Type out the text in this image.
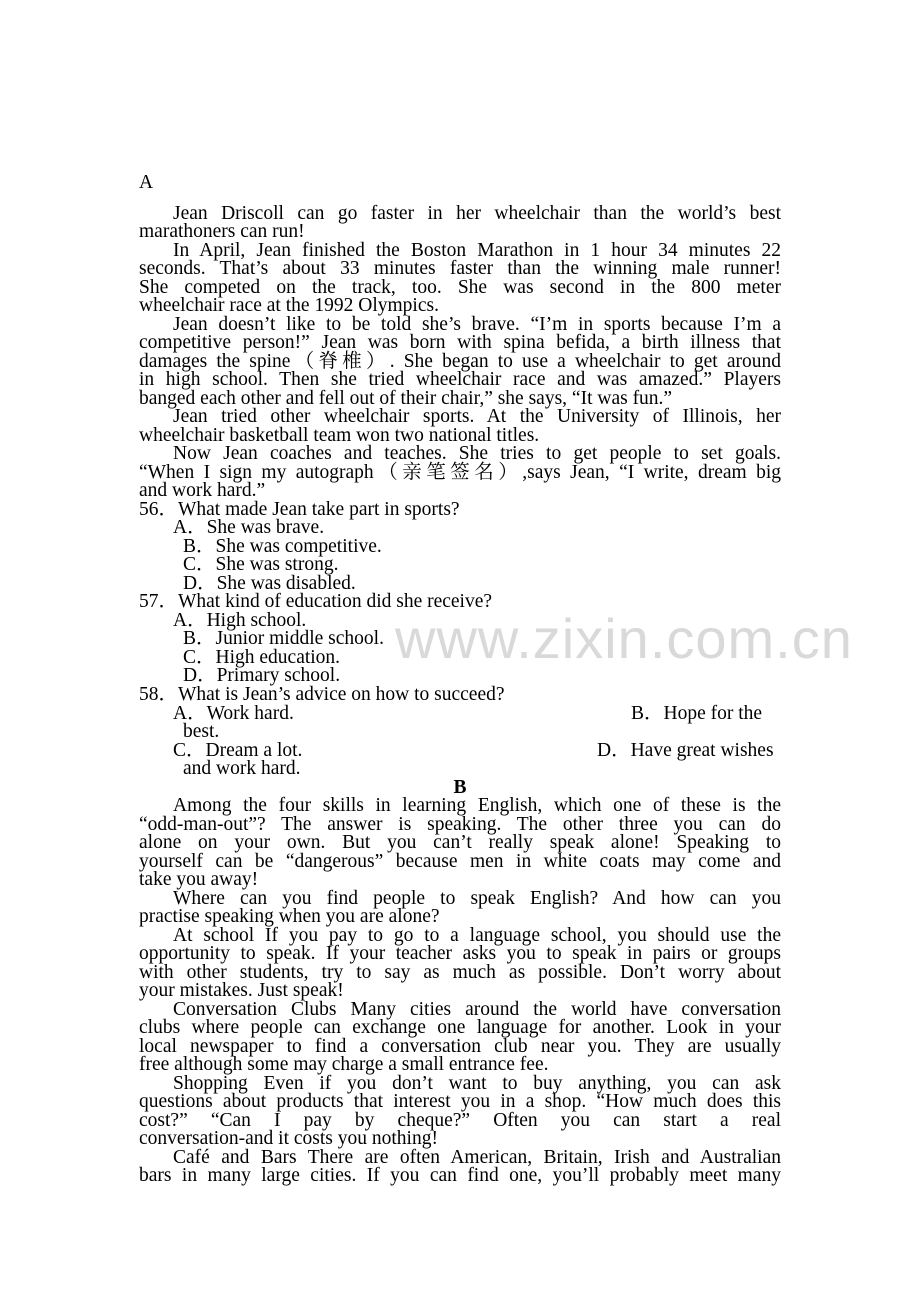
www.zixin.com.cn
A
Jean Driscoll can go faster in her wheelchair than the world’s best
marathoners can run!
In April, Jean finished the Boston Marathon in 1 hour 34 minutes 22
seconds. That’s about 33 minutes faster than the winning male runner!
She competed on the track, too. She was second in the 800 meter
wheelchair race at the 1992 Olympics.
Jean doesn’t like to be told she’s brave. “I’m in sports because I’m a
competitive person!” Jean was born with spina befida, a birth illness that
damages the spine（脊椎）. She began to use a wheelchair to get around
in high school. Then she tried wheelchair race and was amazed.” Players
banged each other and fell out of their chair,” she says, “It was fun.”
Jean tried other wheelchair sports. At the University of Illinois, her
wheelchair basketball team won two national titles.
Now Jean coaches and teaches. She tries to get people to set goals.
“When I sign my autograph（亲笔签名）,says Jean, “I write, dream big
and work hard.”
56．What made Jean take part in sports?
A．She was brave.
B．She was competitive.
C．She was strong.
D．She was disabled.
57．What kind of education did she receive?
A．High school.
B．Junior middle school.
C．High education.
D．Primary school.
58．What is Jean’s advice on how to succeed?
A．Work hard.	B．Hope for the
best.
C．Dream a lot.	D．Have great wishes
and work hard.
B
Among the four skills in learning English, which one of these is the
“odd-man-out”? The answer is speaking. The other three you can do
alone on your own. But you can’t really speak alone! Speaking to
yourself can be “dangerous” because men in white coats may come and
take you away!
Where can you find people to speak English? And how can you
practise speaking when you are alone?
At school If you pay to go to a language school, you should use the
opportunity to speak. If your teacher asks you to speak in pairs or groups
with other students, try to say as much as possible. Don’t worry about
your mistakes. Just speak!
Conversation Clubs Many cities around the world have conversation
clubs where people can exchange one language for another. Look in your
local newspaper to find a conversation club near you. They are usually
free although some may charge a small entrance fee.
Shopping Even if you don’t want to buy anything, you can ask
questions about products that interest you in a shop. “How much does this
cost?” “Can I pay by cheque?” Often you can start a real
conversation-and it costs you nothing!
Café and Bars There are often American, Britain, Irish and Australian
bars in many large cities. If you can find one, you’ll probably meet many
